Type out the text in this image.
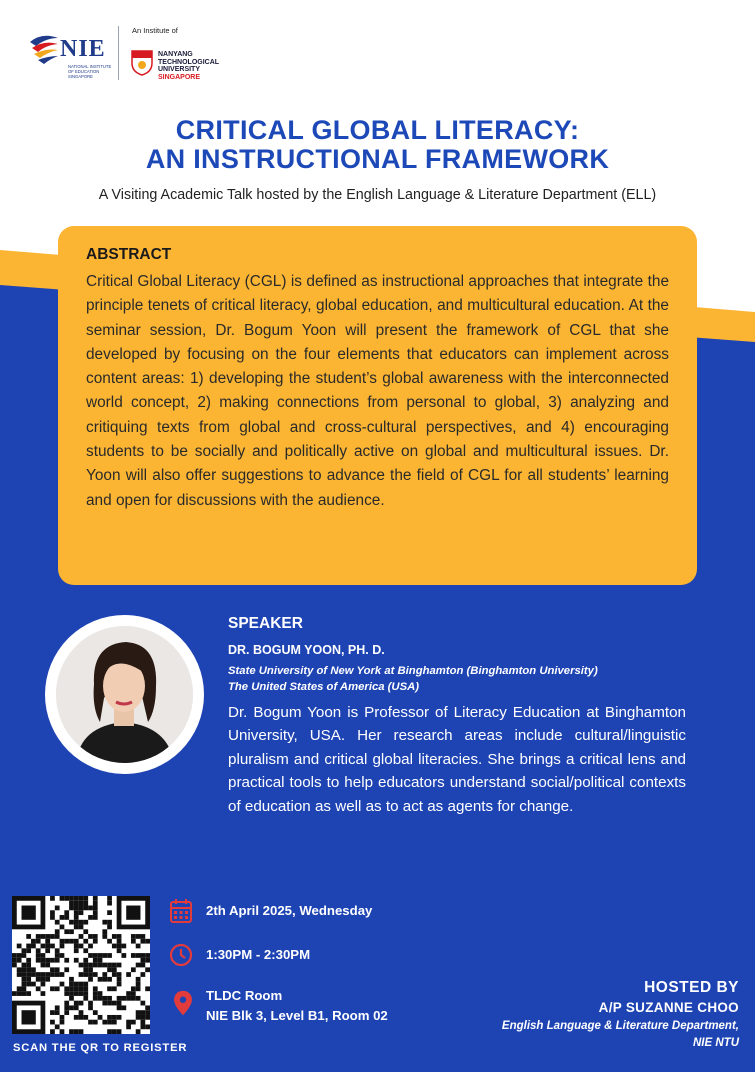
NIE
NATIONAL INSTITUTE OF EDUCATION SINGAPORE
An Institute of
NANYANG
TECHNOLOGICAL
UNIVERSITY
SINGAPORE
CRITICAL GLOBAL LITERACY:
AN INSTRUCTIONAL FRAMEWORK
A Visiting Academic Talk hosted by the English Language & Literature Department (ELL)
ABSTRACT
Critical Global Literacy (CGL) is defined as instructional approaches that integrate the principle tenets of critical literacy, global education, and multicultural education. At the seminar session, Dr. Bogum Yoon will present the framework of CGL that she developed by focusing on the four elements that educators can implement across content areas: 1) developing the student’s global awareness with the interconnected world concept, 2) making connections from personal to global, 3) analyzing and critiquing texts from global and cross-cultural perspectives, and 4) encouraging students to be socially and politically active on global and multicultural issues. Dr. Yoon will also offer suggestions to advance the field of CGL for all students’ learning and open for discussions with the audience.
SPEAKER
DR. BOGUM YOON, PH. D.
State University of New York at Binghamton (Binghamton University)
The United States of America (USA)
Dr. Bogum Yoon is Professor of Literacy Education at Binghamton University, USA. Her research areas include cultural/linguistic pluralism and critical global literacies. She brings a critical lens and practical tools to help educators understand social/political contexts of education as well as to act as agents for change.
SCAN THE QR TO REGISTER
2th April 2025, Wednesday
1:30PM - 2:30PM
TLDC Room
NIE Blk 3, Level B1, Room 02
HOSTED BY
A/P SUZANNE CHOO
English Language & Literature Department,
NIE NTU
